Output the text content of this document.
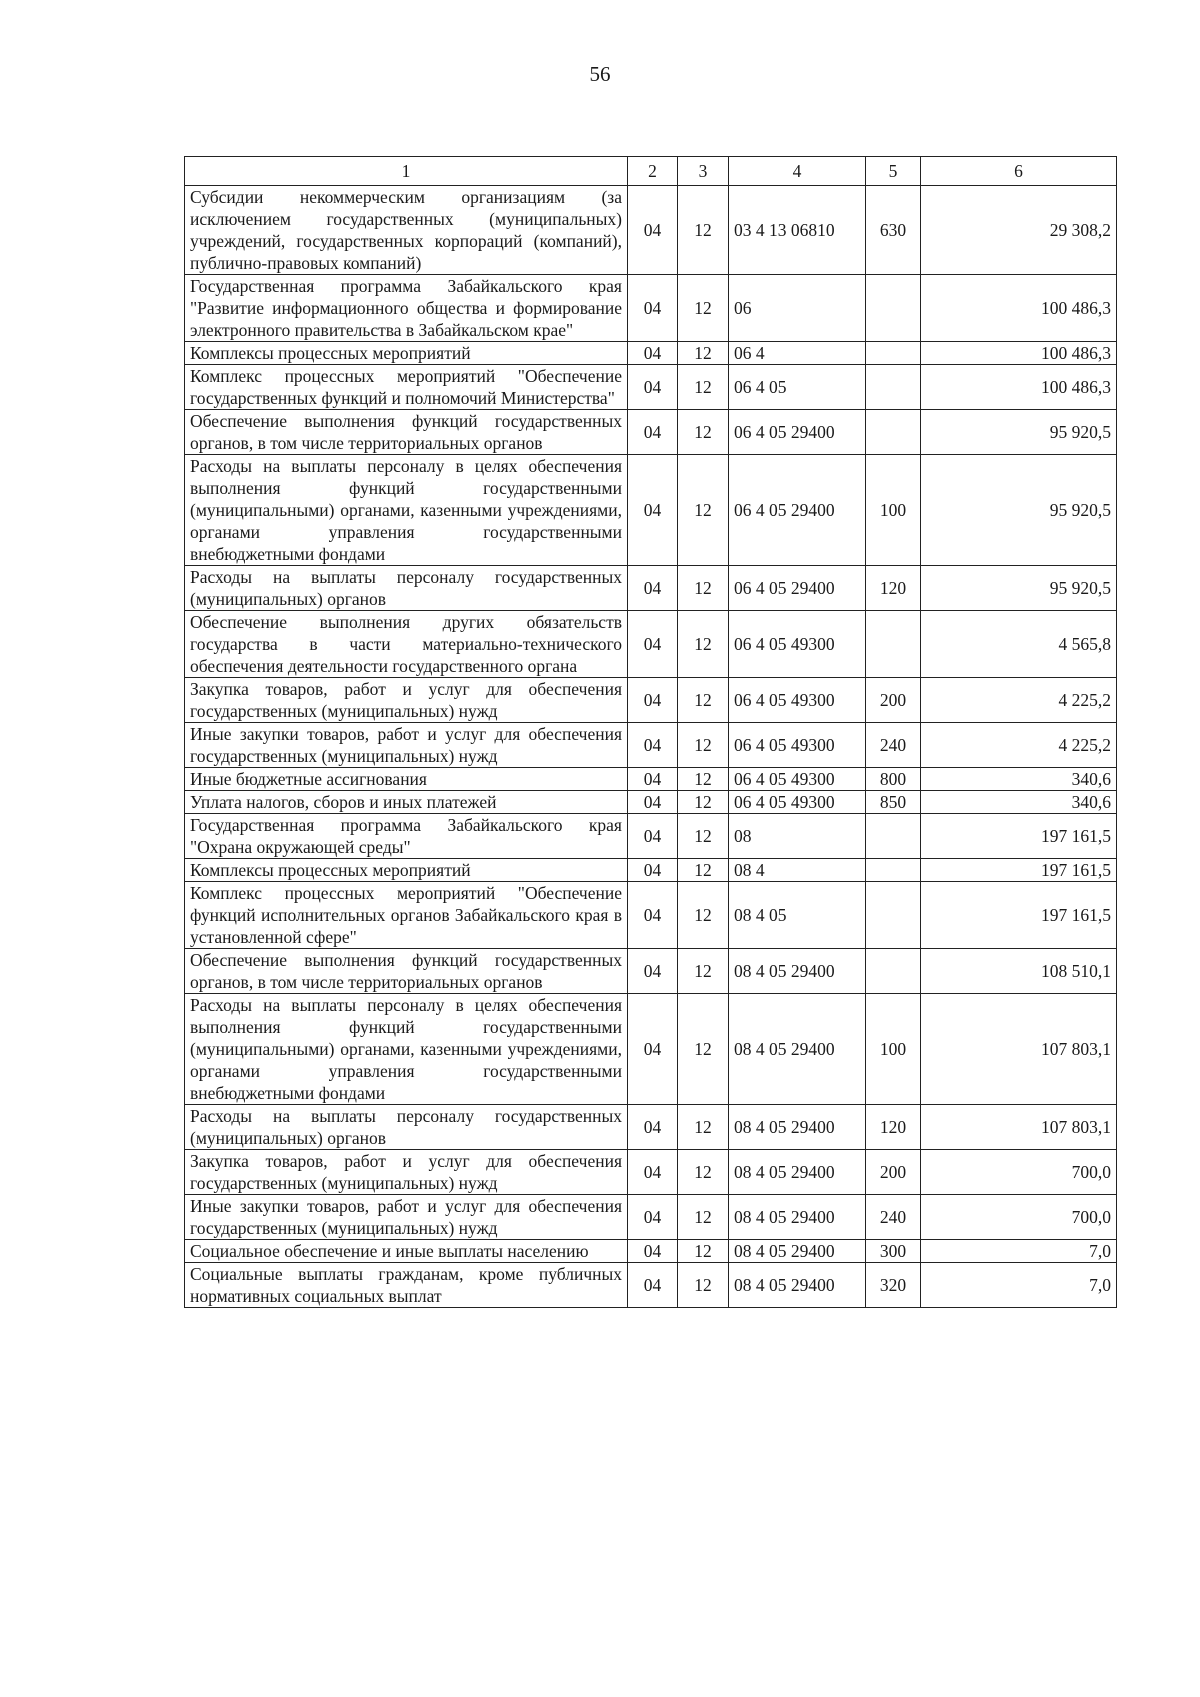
56
1	2	3	4	5	6
Субсидии некоммерческим организациям (за исключением государственных (муниципальных) учреждений, государственных корпораций (компаний), публично-правовых компаний)	04	12	03 4 13 06810	630	29 308,2
Государственная программа Забайкальского края "Развитие информационного общества и формирование электронного правительства в Забайкальском крае"	04	12	06		100 486,3
Комплексы процессных мероприятий	04	12	06 4		100 486,3
Комплекс процессных мероприятий "Обеспечение государственных функций и полномочий Министерства"	04	12	06 4 05		100 486,3
Обеспечение выполнения функций государственных органов, в том числе территориальных органов	04	12	06 4 05 29400		95 920,5
Расходы на выплаты персоналу в целях обеспечения выполнения функций государственными (муниципальными) органами, казенными учреждениями, органами управления государственными внебюджетными фондами	04	12	06 4 05 29400	100	95 920,5
Расходы на выплаты персоналу государственных (муниципальных) органов	04	12	06 4 05 29400	120	95 920,5
Обеспечение выполнения других обязательств государства в части материально-технического обеспечения деятельности государственного органа	04	12	06 4 05 49300		4 565,8
Закупка товаров, работ и услуг для обеспечения государственных (муниципальных) нужд	04	12	06 4 05 49300	200	4 225,2
Иные закупки товаров, работ и услуг для обеспечения государственных (муниципальных) нужд	04	12	06 4 05 49300	240	4 225,2
Иные бюджетные ассигнования	04	12	06 4 05 49300	800	340,6
Уплата налогов, сборов и иных платежей	04	12	06 4 05 49300	850	340,6
Государственная программа Забайкальского края "Охрана окружающей среды"	04	12	08		197 161,5
Комплексы процессных мероприятий	04	12	08 4		197 161,5
Комплекс процессных мероприятий "Обеспечение функций исполнительных органов Забайкальского края в установленной сфере"	04	12	08 4 05		197 161,5
Обеспечение выполнения функций государственных органов, в том числе территориальных органов	04	12	08 4 05 29400		108 510,1
Расходы на выплаты персоналу в целях обеспечения выполнения функций государственными (муниципальными) органами, казенными учреждениями, органами управления государственными внебюджетными фондами	04	12	08 4 05 29400	100	107 803,1
Расходы на выплаты персоналу государственных (муниципальных) органов	04	12	08 4 05 29400	120	107 803,1
Закупка товаров, работ и услуг для обеспечения государственных (муниципальных) нужд	04	12	08 4 05 29400	200	700,0
Иные закупки товаров, работ и услуг для обеспечения государственных (муниципальных) нужд	04	12	08 4 05 29400	240	700,0
Социальное обеспечение и иные выплаты населению	04	12	08 4 05 29400	300	7,0
Социальные выплаты гражданам, кроме публичных нормативных социальных выплат	04	12	08 4 05 29400	320	7,0
